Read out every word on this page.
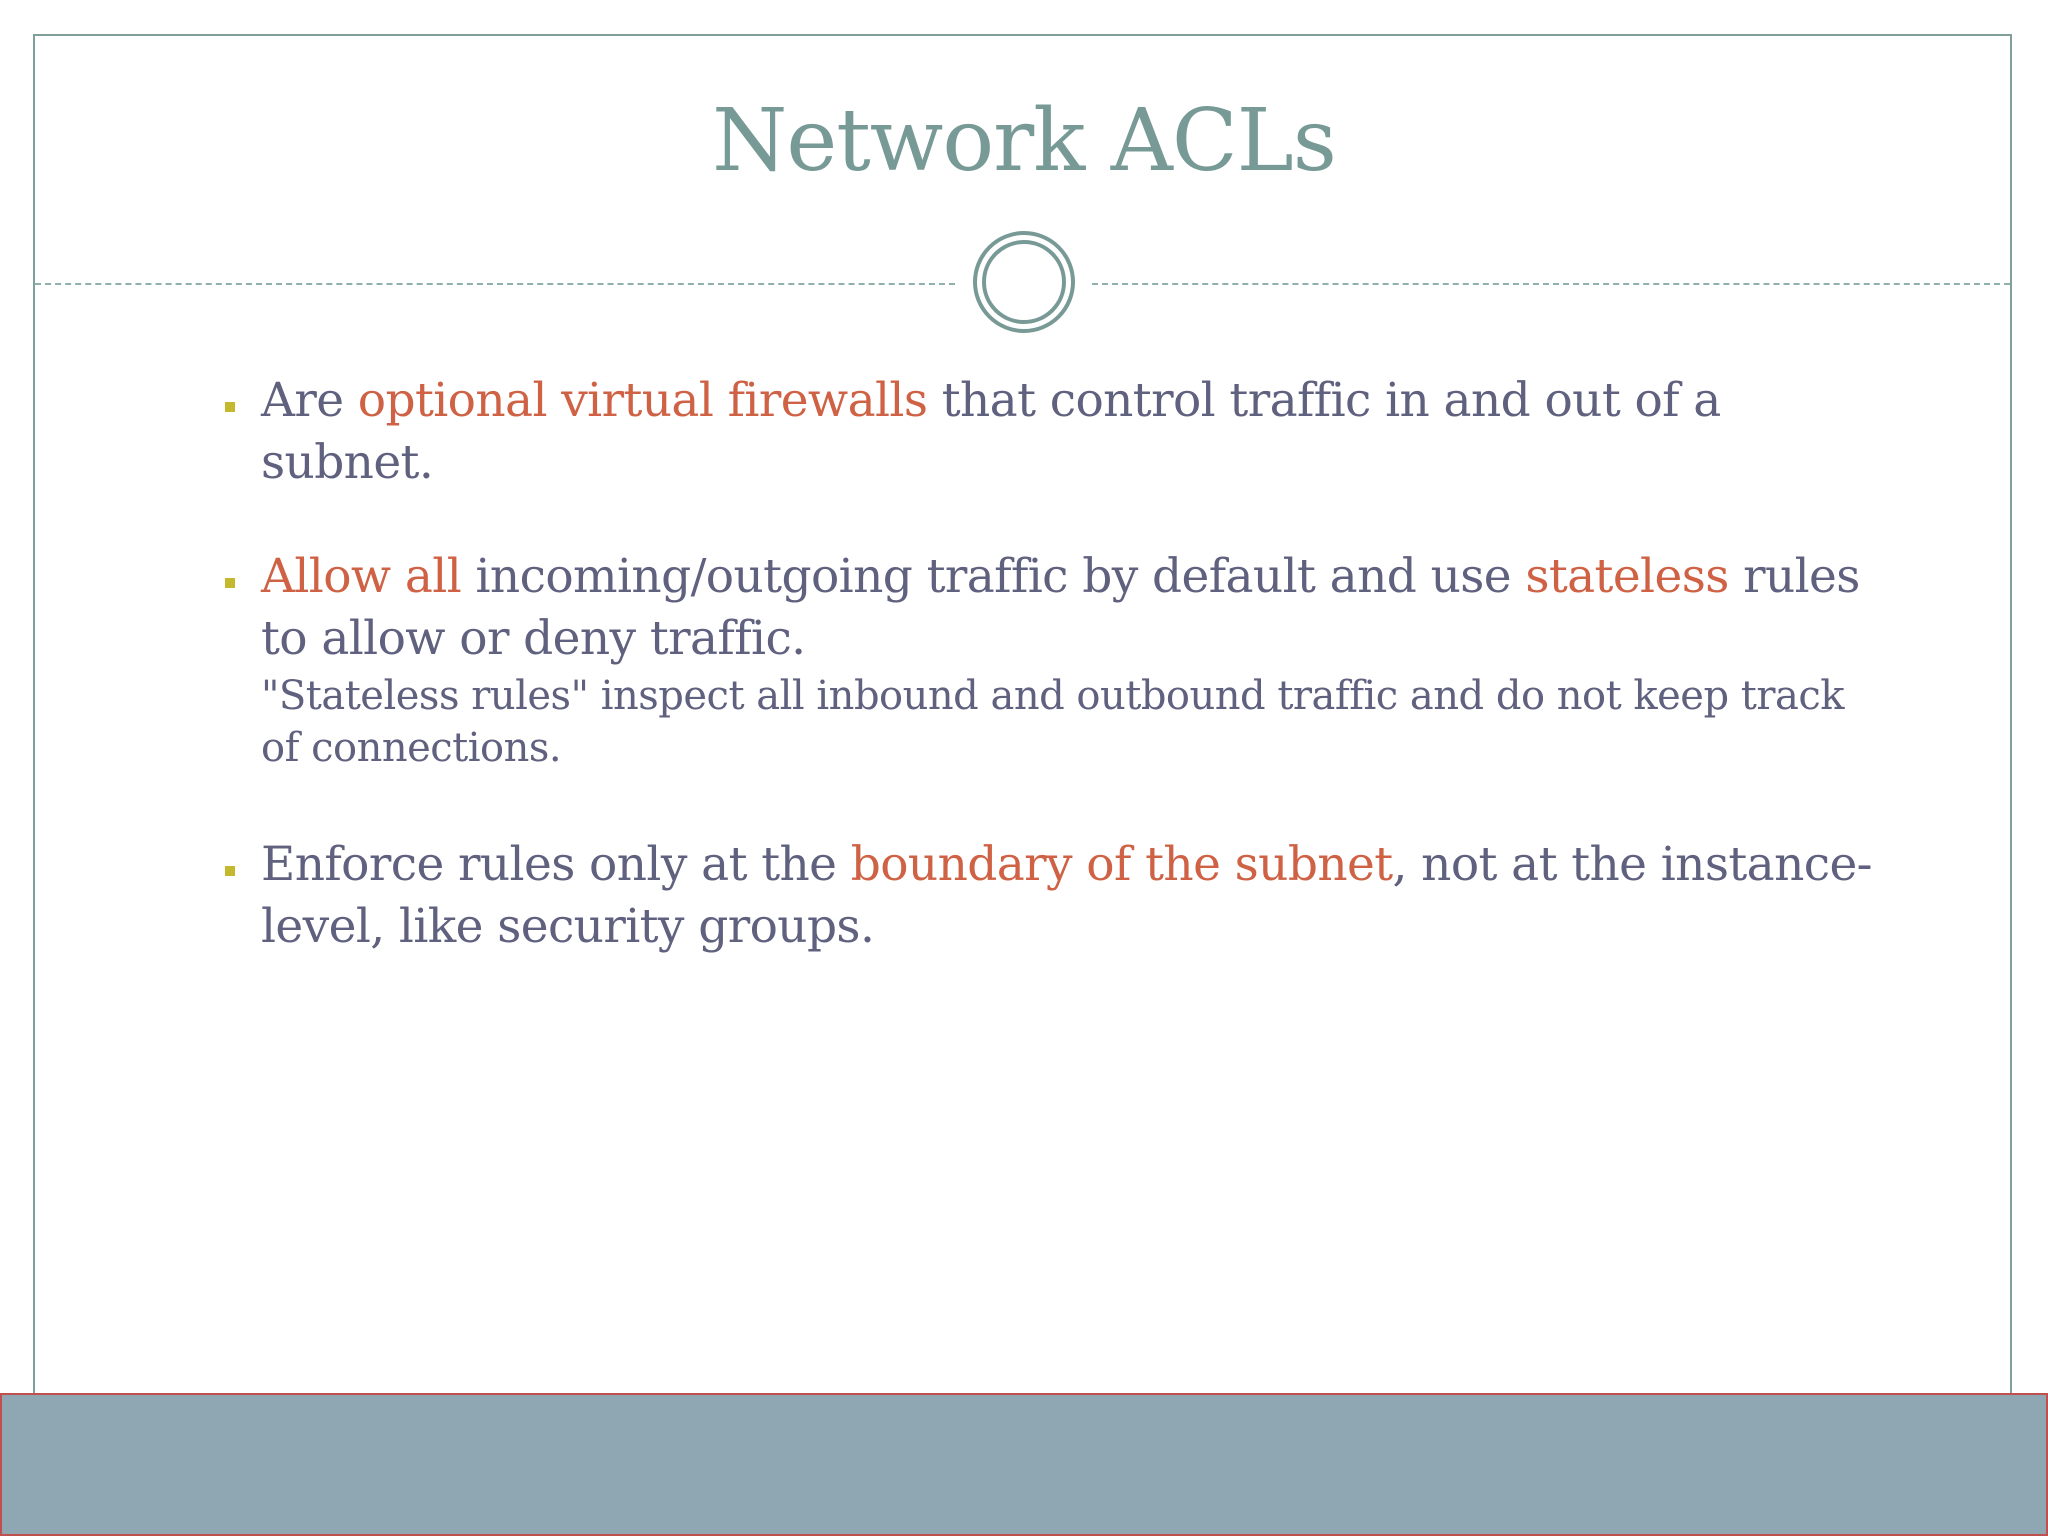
Network ACLs
Are optional virtual firewalls that control traffic in and out of a subnet.
Allow all incoming/outgoing traffic by default and use stateless rules to allow or deny traffic.
"Stateless rules" inspect all inbound and outbound traffic and do not keep track of connections.
Enforce rules only at the boundary of the subnet, not at the instance-level, like security groups.
